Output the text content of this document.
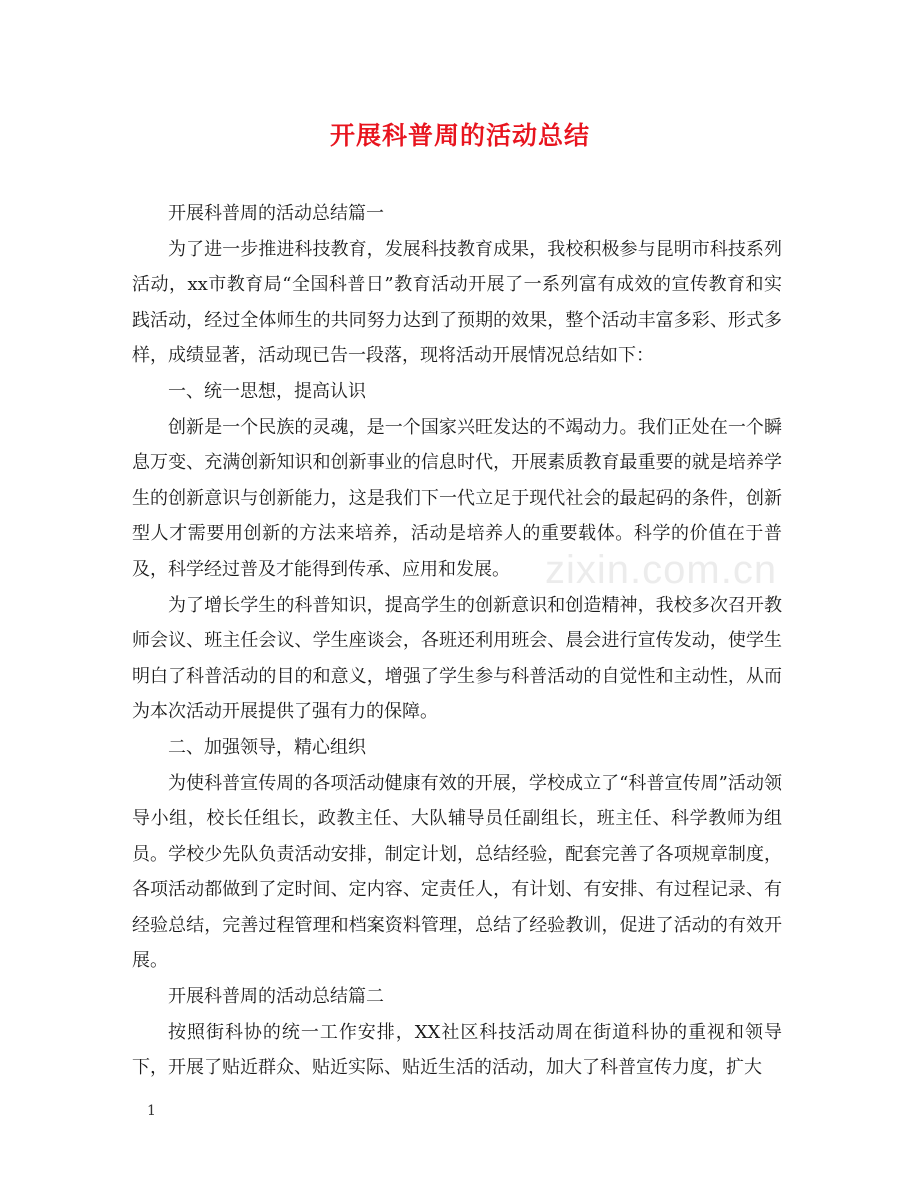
开展科普周的活动总结

开展科普周的活动总结篇一

为了进一步推进科技教育，发展科技教育成果，我校积极参与昆明市科技系列活动，xx市教育局“全国科普日”教育活动开展了一系列富有成效的宣传教育和实践活动，经过全体师生的共同努力达到了预期的效果，整个活动丰富多彩、形式多样，成绩显著，活动现已告一段落，现将活动开展情况总结如下：

一、统一思想，提高认识

创新是一个民族的灵魂，是一个国家兴旺发达的不竭动力。我们正处在一个瞬息万变、充满创新知识和创新事业的信息时代，开展素质教育最重要的就是培养学生的创新意识与创新能力，这是我们下一代立足于现代社会的最起码的条件，创新型人才需要用创新的方法来培养，活动是培养人的重要载体。科学的价值在于普及，科学经过普及才能得到传承、应用和发展。

为了增长学生的科普知识，提高学生的创新意识和创造精神，我校多次召开教师会议、班主任会议、学生座谈会，各班还利用班会、晨会进行宣传发动，使学生明白了科普活动的目的和意义，增强了学生参与科普活动的自觉性和主动性，从而为本次活动开展提供了强有力的保障。

二、加强领导，精心组织

为使科普宣传周的各项活动健康有效的开展，学校成立了“科普宣传周”活动领导小组，校长任组长，政教主任、大队辅导员任副组长，班主任、科学教师为组员。学校少先队负责活动安排，制定计划，总结经验，配套完善了各项规章制度，各项活动都做到了定时间、定内容、定责任人，有计划、有安排、有过程记录、有经验总结，完善过程管理和档案资料管理，总结了经验教训，促进了活动的有效开展。

开展科普周的活动总结篇二

按照街科协的统一工作安排，XX社区科技活动周在街道科协的重视和领导下，开展了贴近群众、贴近实际、贴近生活的活动，加大了科普宣传力度，扩大

zixin.com.cn
1
